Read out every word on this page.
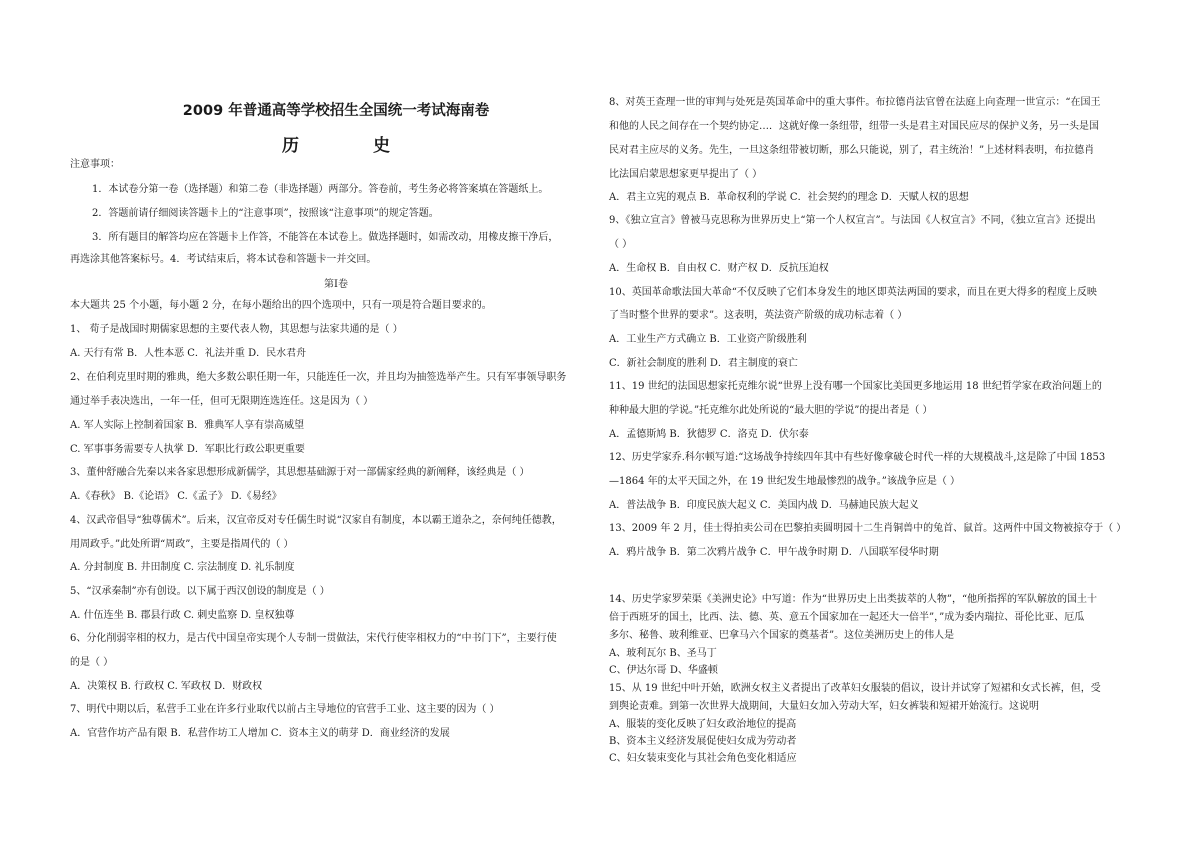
2009 年普通高等学校招生全国统一考试海南卷
历 史
注意事项：
1．本试卷分第一卷（选择题）和第二卷（非选择题）两部分。答卷前，考生务必将答案填在答题纸上。
2．答题前请仔细阅读答题卡上的“注意事项”，按照该“注意事项”的规定答题。
3．所有题目的解答均应在答题卡上作答，不能答在本试卷上。做选择题时，如需改动，用橡皮擦干净后，
再选涂其他答案标号。4．考试结束后，将本试卷和答题卡一并交回。
第Ⅰ卷
本大题共 25 个小题，每小题 2 分，在每小题给出的四个选项中，只有一项是符合题目要求的。
1、 荀子是战国时期儒家思想的主要代表人物，其思想与法家共通的是（ ）
A. 天行有常 B．人性本恶 C．礼法并重 D．民水君舟
2、在伯利克里时期的雅典，绝大多数公职任期一年，只能连任一次，并且均为抽签选举产生。只有军事领导职务
通过举手表决选出，一年一任，但可无限期连选连任。这是因为（ ）
A. 军人实际上控制着国家 B．雅典军人享有崇高威望
C. 军事事务需要专人执掌 D．军职比行政公职更重要
3、董仲舒融合先秦以来各家思想形成新儒学，其思想基础源于对一部儒家经典的新阐释，该经典是（ ）
A.《春秋》 B.《论语》 C.《孟子》 D.《易经》
4、汉武帝倡导“独尊儒术”。后来，汉宣帝反对专任儒生时说“汉家自有制度，本以霸王道杂之，奈何纯任德教，
用周政乎。”此处所谓“周政”，主要是指周代的（ ）
A. 分封制度 B. 井田制度 C. 宗法制度 D. 礼乐制度
5、“汉承秦制”亦有创设。以下属于西汉创设的制度是（ ）
A. 什伍连坐 B. 郡县行政 C. 刺史监察 D. 皇权独尊
6、分化削弱宰相的权力，是古代中国皇帝实现个人专制一贯做法，宋代行使宰相权力的“中书门下”，主要行使
的是（ ）
A．决策权 B. 行政权 C. 军政权 D．财政权
7、明代中期以后，私营手工业在许多行业取代以前占主导地位的官营手工业、这主要的因为（ ）
A．官营作坊产品有限 B．私营作坊工人增加 C．资本主义的萌芽 D．商业经济的发展
8、对英王查理一世的审判与处死是英国革命中的重大事件。布拉德肖法官曾在法庭上向查理一世宣示：“在国王
和他的人民之间存在一个契约协定…．这就好像一条纽带，纽带一头是君主对国民应尽的保护义务，另一头是国
民对君主应尽的义务。先生，一旦这条纽带被切断，那么只能说，别了，君主统治！”上述材料表明，布拉德肖
比法国启蒙思想家更早提出了（ ）
A．君主立宪的观点 B．革命权利的学说 C．社会契约的理念 D．天赋人权的思想
9、《独立宣言》曾被马克思称为世界历史上“第一个人权宣言”。与法国《人权宣言》不同，《独立宣言》还提出
（ ）
A．生命权 B．自由权 C．财产权 D．反抗压迫权
10、英国革命歌法国大革命“不仅反映了它们本身发生的地区即英法两国的要求，而且在更大得多的程度上反映
了当时整个世界的要求”。这表明，英法资产阶级的成功标志着（ ）
A．工业生产方式确立 B．工业资产阶级胜利
C．新社会制度的胜利 D．君主制度的衰亡
11、19 世纪的法国思想家托克维尔说“世界上没有哪一个国家比美国更多地运用 18 世纪哲学家在政治问题上的
种种最大胆的学说。”托克维尔此处所说的“最大胆的学说”的提出者是（ ）
A．孟德斯鸠 B．狄德罗 C．洛克 D．伏尔泰
12、历史学家乔.科尔顿写道:“这场战争持续四年其中有些好像拿破仑时代一样的大规模战斗,这是除了中国 1853
—1864 年的太平天国之外，在 19 世纪发生地最惨烈的战争。”该战争应是（ ）
A．普法战争 B．印度民族大起义 C．美国内战 D．马赫迪民族大起义
13、2009 年 2 月，佳士得拍卖公司在巴黎拍卖圆明园十二生肖铜兽中的兔首、鼠首。这两件中国文物被掠夺于（ ）
A．鸦片战争 B．第二次鸦片战争 C．甲午战争时期 D．八国联军侵华时期
14、历史学家罗荣渠《美洲史论》中写道：作为“世界历史上出类拔萃的人物”，“他所指挥的军队解放的国土十
倍于西班牙的国土，比西、法、德、英、意五个国家加在一起还大一倍半”，”成为委内瑞拉、哥伦比亚、厄瓜
多尔、秘鲁、玻利维亚、巴拿马六个国家的奠基者”。这位美洲历史上的伟人是
A、玻利瓦尔 B、圣马丁
C、伊达尔哥 D、华盛顿
15、从 19 世纪中叶开始，欧洲女权主义者提出了改革妇女服装的倡议，设计并试穿了短裙和女式长裤，但，受
到舆论责难。到第一次世界大战期间，大量妇女加入劳动大军，妇女裤装和短裙开始流行。这说明
A、服装的变化反映了妇女政治地位的提高
B、资本主义经济发展促使妇女成为劳动者
C、妇女装束变化与其社会角色变化相适应
